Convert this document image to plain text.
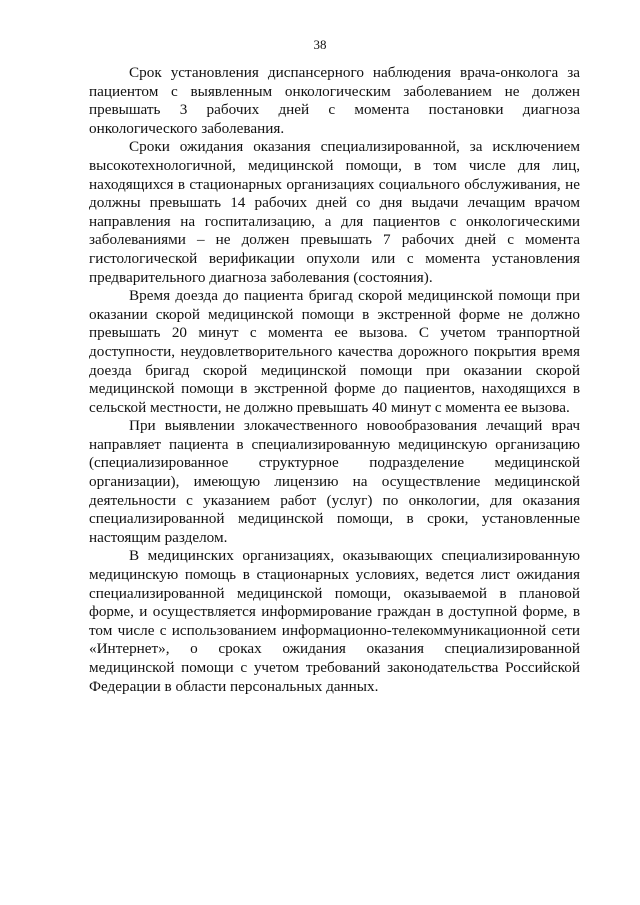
38

Срок установления диспансерного наблюдения врача-онколога за пациентом с выявленным онкологическим заболеванием не должен превышать 3 рабочих дней с момента постановки диагноза онкологического заболевания.

Сроки ожидания оказания специализированной, за исключением высокотехнологичной, медицинской помощи, в том числе для лиц, находящихся в стационарных организациях социального обслуживания, не должны превышать 14 рабочих дней со дня выдачи лечащим врачом направления на госпитализацию, а для пациентов с онкологическими заболеваниями – не должен превышать 7 рабочих дней с момента гистологической верификации опухоли или с момента установления предварительного диагноза заболевания (состояния).

Время доезда до пациента бригад скорой медицинской помощи при оказании скорой медицинской помощи в экстренной форме не должно превышать 20 минут с момента ее вызова. С учетом транпортной доступности, неудовлетворительного качества дорожного покрытия время доезда бригад скорой медицинской помощи при оказании скорой медицинской помощи в экстренной форме до пациентов, находящихся в сельской местности, не должно превышать 40 минут с момента ее вызова.

При выявлении злокачественного новообразования лечащий врач направляет пациента в специализированную медицинскую организацию (специализированное структурное подразделение медицинской организации), имеющую лицензию на осуществление медицинской деятельности с указанием работ (услуг) по онкологии, для оказания специализированной медицинской помощи, в сроки, установленные настоящим разделом.

В медицинских организациях, оказывающих специализированную медицинскую помощь в стационарных условиях, ведется лист ожидания специализированной медицинской помощи, оказываемой в плановой форме, и осуществляется информирование граждан в доступной форме, в том числе с использованием информационно-телекоммуникационной сети «Интернет», о сроках ожидания оказания специализированной медицинской помощи с учетом требований законодательства Российской Федерации в области персональных данных.
